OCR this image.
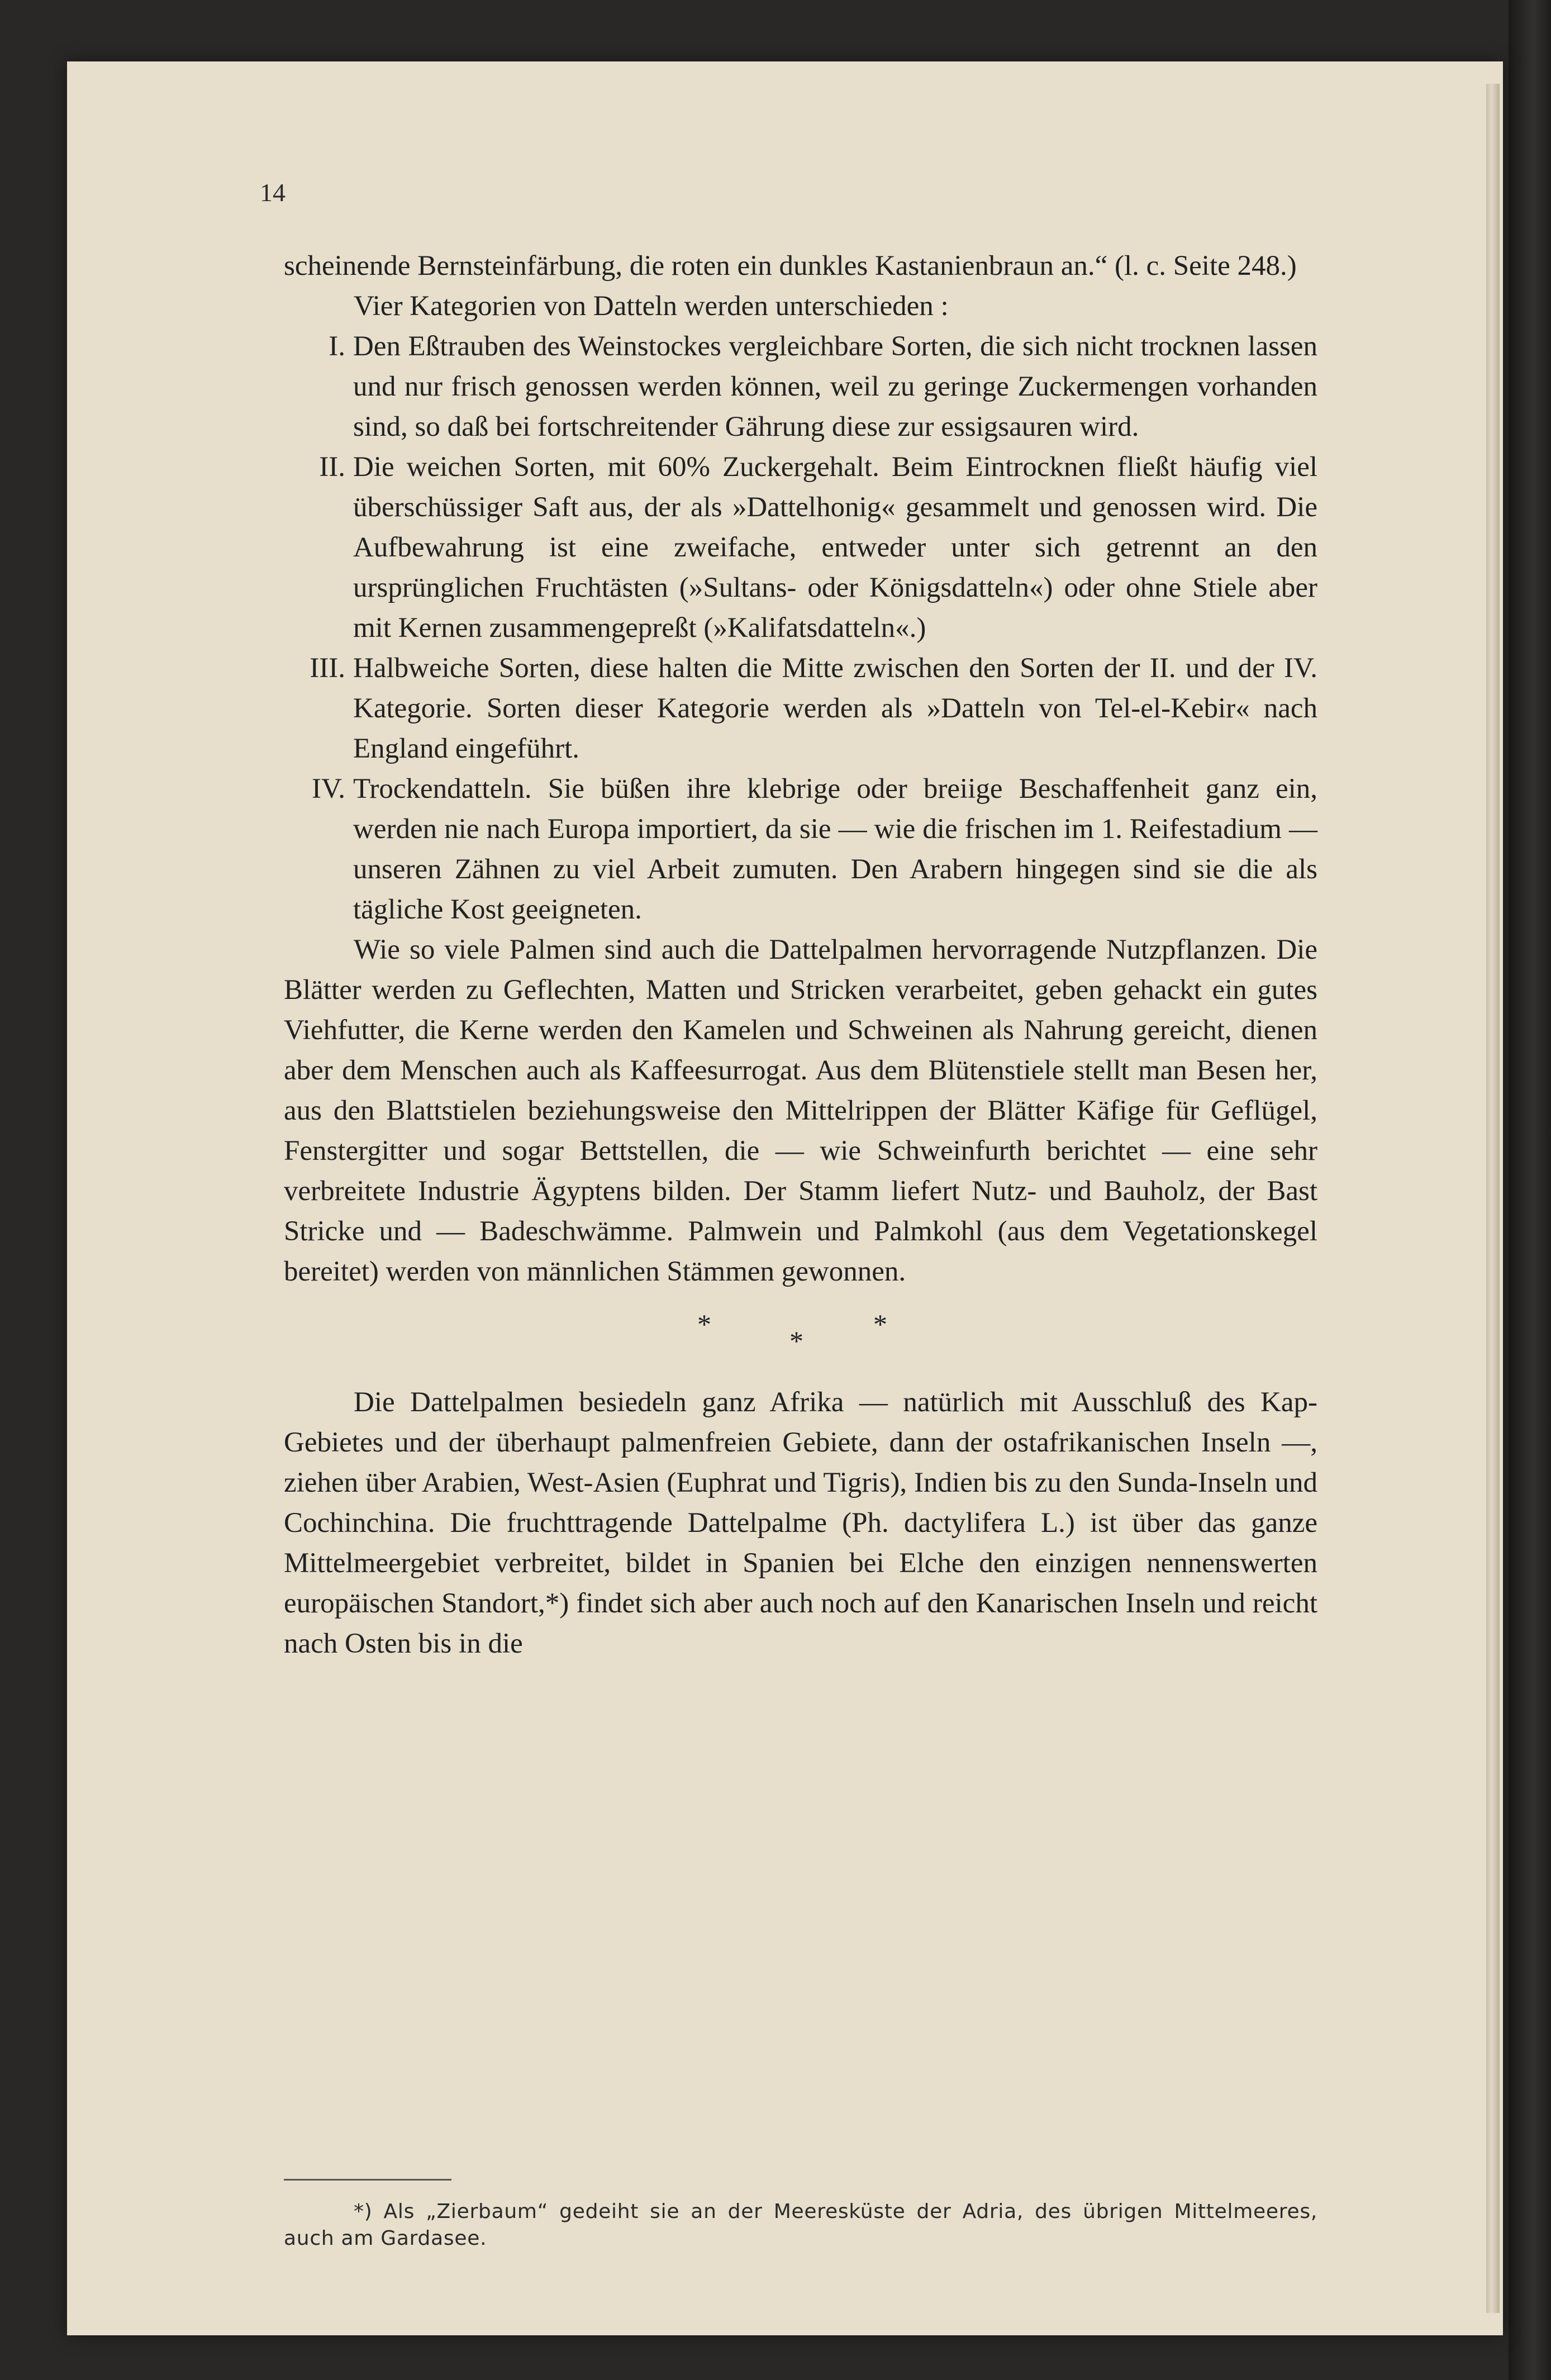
14

scheinende Bernsteinfärbung, die roten ein dunkles Kastanienbraun an.“ (l. c. Seite 248.)

Vier Kategorien von Datteln werden unterschieden :

I. Den Eßtrauben des Weinstockes vergleichbare Sorten, die sich nicht trocknen lassen und nur frisch genossen werden können, weil zu geringe Zuckermengen vorhanden sind, so daß bei fortschreitender Gährung diese zur essigsauren wird.
II. Die weichen Sorten, mit 60% Zuckergehalt. Beim Eintrocknen fließt häufig viel überschüssiger Saft aus, der als »Dattelhonig« gesammelt und genossen wird. Die Aufbewahrung ist eine zweifache, entweder unter sich getrennt an den ursprünglichen Fruchtästen (»Sultans- oder Königsdatteln«) oder ohne Stiele aber mit Kernen zusammengepreßt (»Kalifatsdatteln«.)
III. Halbweiche Sorten, diese halten die Mitte zwischen den Sorten der II. und der IV. Kategorie. Sorten dieser Kategorie werden als »Datteln von Tel-el-Kebir« nach England eingeführt.
IV. Trockendatteln. Sie büßen ihre klebrige oder breiige Beschaffenheit ganz ein, werden nie nach Europa importiert, da sie — wie die frischen im 1. Reifestadium — unseren Zähnen zu viel Arbeit zumuten. Den Arabern hingegen sind sie die als tägliche Kost geeigneten.

Wie so viele Palmen sind auch die Dattelpalmen hervorragende Nutzpflanzen. Die Blätter werden zu Geflechten, Matten und Stricken verarbeitet, geben gehackt ein gutes Viehfutter, die Kerne werden den Kamelen und Schweinen als Nahrung gereicht, dienen aber dem Menschen auch als Kaffeesurrogat. Aus dem Blütenstiele stellt man Besen her, aus den Blattstielen beziehungsweise den Mittelrippen der Blätter Käfige für Geflügel, Fenstergitter und sogar Bettstellen, die — wie Schweinfurth berichtet — eine sehr verbreitete Industrie Ägyptens bilden. Der Stamm liefert Nutz- und Bauholz, der Bast Stricke und — Badeschwämme. Palmwein und Palmkohl (aus dem Vegetationskegel bereitet) werden von männlichen Stämmen gewonnen.

*
*
*

Die Dattelpalmen besiedeln ganz Afrika — natürlich mit Ausschluß des Kap-Gebietes und der überhaupt palmenfreien Gebiete, dann der ostafrikanischen Inseln —, ziehen über Arabien, West-Asien (Euphrat und Tigris), Indien bis zu den Sunda-Inseln und Cochinchina. Die fruchttragende Dattelpalme (Ph. dactylifera L.) ist über das ganze Mittelmeergebiet verbreitet, bildet in Spanien bei Elche den einzigen nennenswerten europäischen Standort,*) findet sich aber auch noch auf den Kanarischen Inseln und reicht nach Osten bis in die

*) Als „Zierbaum“ gedeiht sie an der Meeresküste der Adria, des übrigen Mittelmeeres, auch am Gardasee.
